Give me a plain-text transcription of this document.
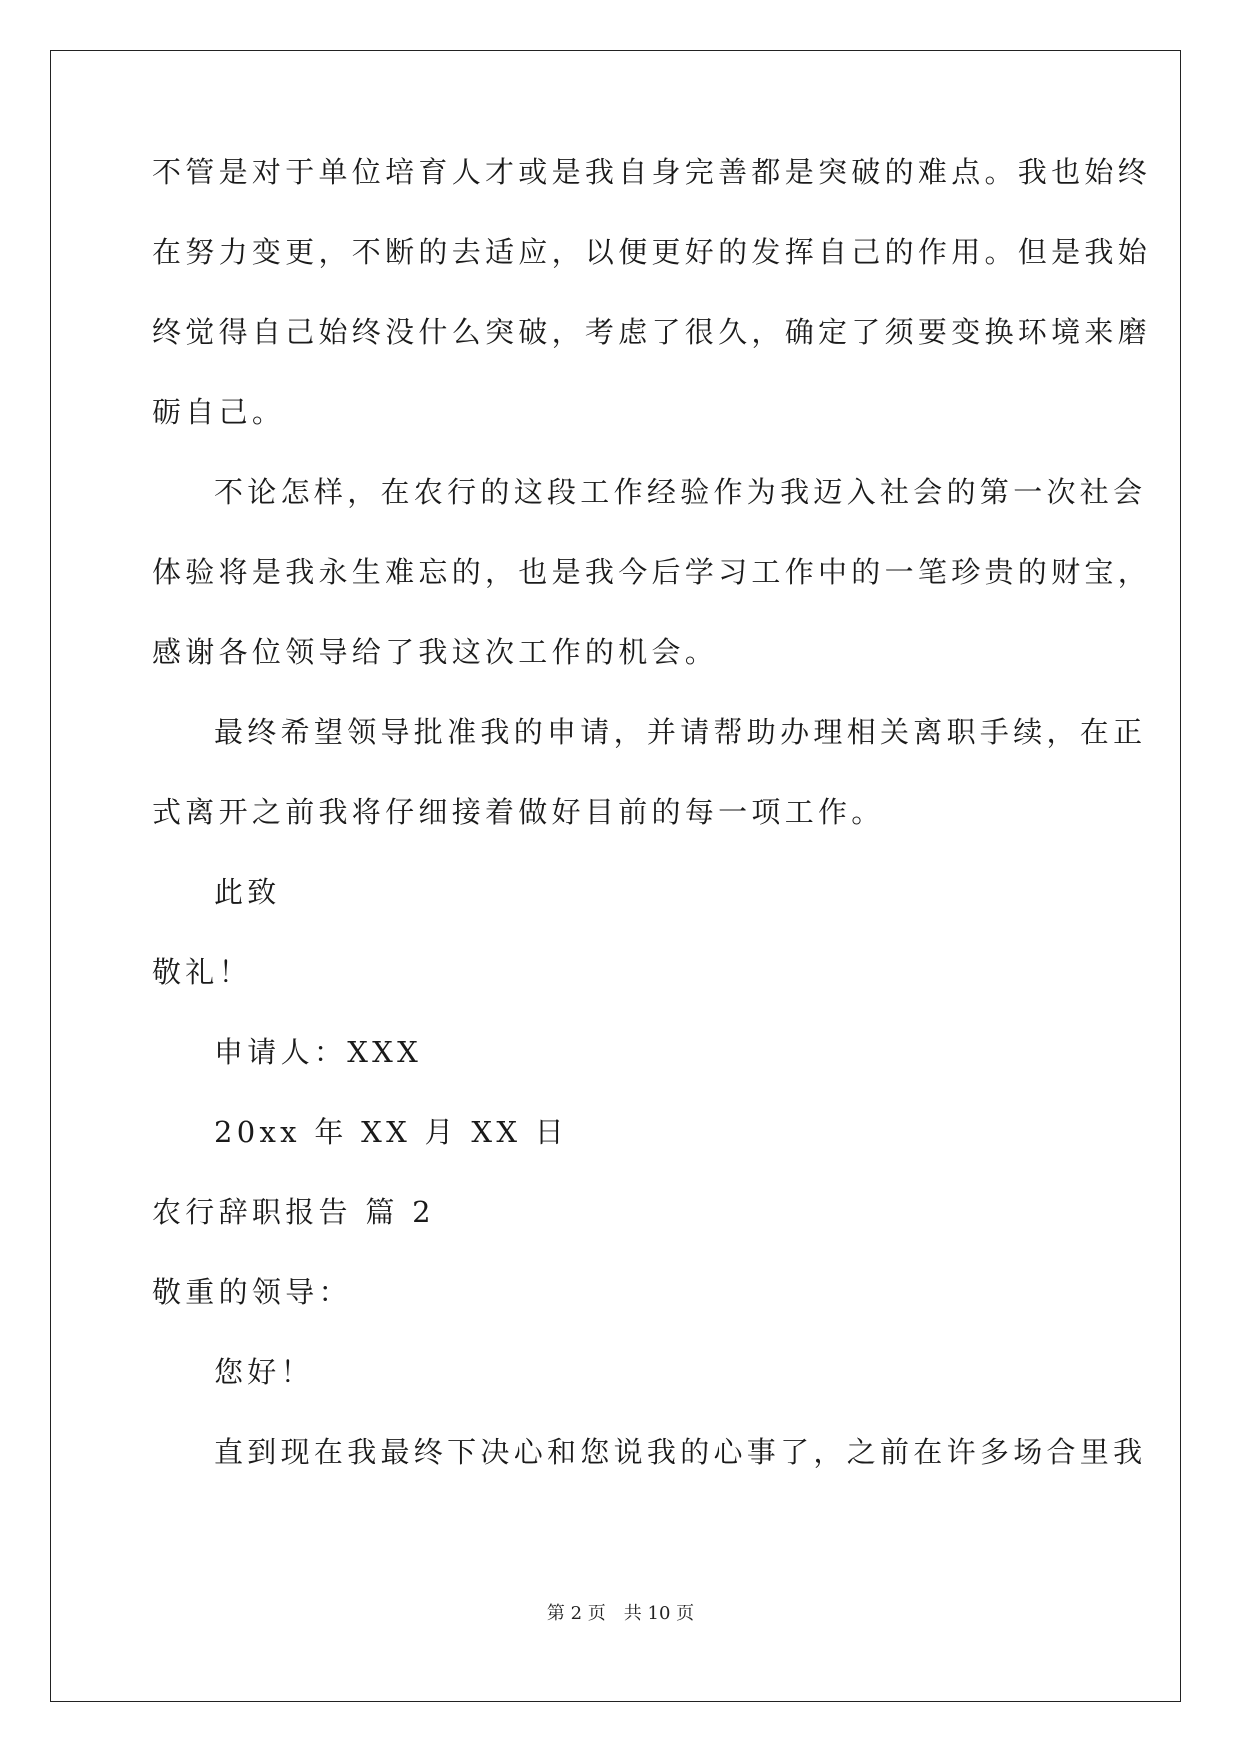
不管是对于单位培育人才或是我自身完善都是突破的难点。我也始终
在努力变更，不断的去适应，以便更好的发挥自己的作用。但是我始
终觉得自己始终没什么突破，考虑了很久，确定了须要变换环境来磨
砺自己。
不论怎样，在农行的这段工作经验作为我迈入社会的第一次社会
体验将是我永生难忘的，也是我今后学习工作中的一笔珍贵的财宝，
感谢各位领导给了我这次工作的机会。
最终希望领导批准我的申请，并请帮助办理相关离职手续，在正
式离开之前我将仔细接着做好目前的每一项工作。
此致
敬礼！
申请人：XXX
20xx 年 XX 月 XX 日
农行辞职报告 篇 2
敬重的领导：
您好！
直到现在我最终下决心和您说我的心事了，之前在许多场合里我
第 2 页 共 10 页
